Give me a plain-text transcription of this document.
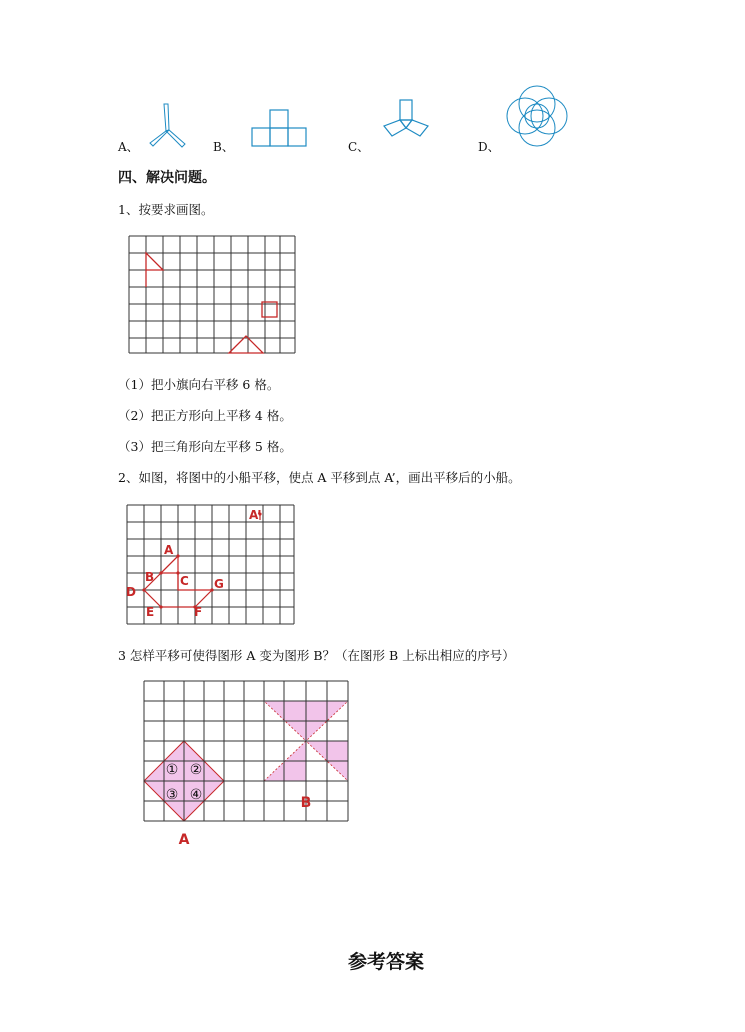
A、	B、	C、	D、
四、解决问题。
1、按要求画图。
（1）把小旗向右平移 6 格。
（2）把正方形向上平移 4 格。
（3）把三角形向左平移 5 格。
2、如图，将图中的小船平移，使点 A 平移到点 A’，画出平移后的小船。
A’
A
B C
D
E	F
G
3 怎样平移可使得图形 A 变为图形 B？（在图形 B 上标出相应的序号）
① ②
③ ④	B
A
参考答案
